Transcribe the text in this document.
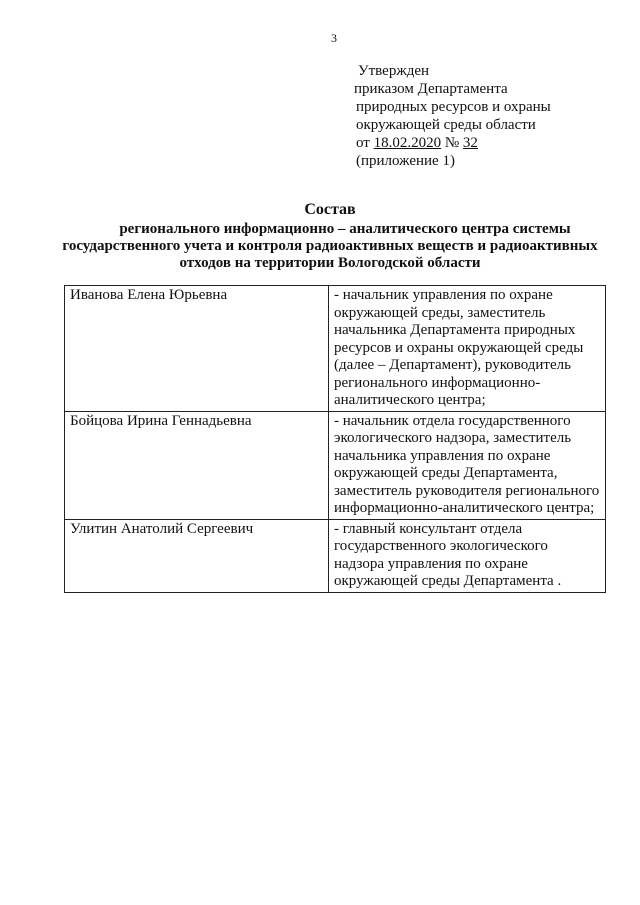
3
Утвержден
приказом Департамента
природных ресурсов и охраны
окружающей среды области
от 18.02.2020 № 32
(приложение 1)
Состав
регионального информационно – аналитического центра системы
государственного учета и контроля радиоактивных веществ и радиоактивных
отходов на территории Вологодской области
Иванова Елена Юрьевна	- начальник управления по охране окружающей среды, заместитель начальника Департамента природных ресурсов и охраны окружающей среды (далее – Департамент), руководитель регионального информационно-аналитического центра;
Бойцова Ирина Геннадьевна	- начальник отдела государственного экологического надзора, заместитель начальника управления по охране окружающей среды Департамента, заместитель руководителя регионального информационно-аналитического центра;
Улитин Анатолий Сергеевич	- главный консультант отдела государственного экологического надзора управления по охране окружающей среды Департамента .
